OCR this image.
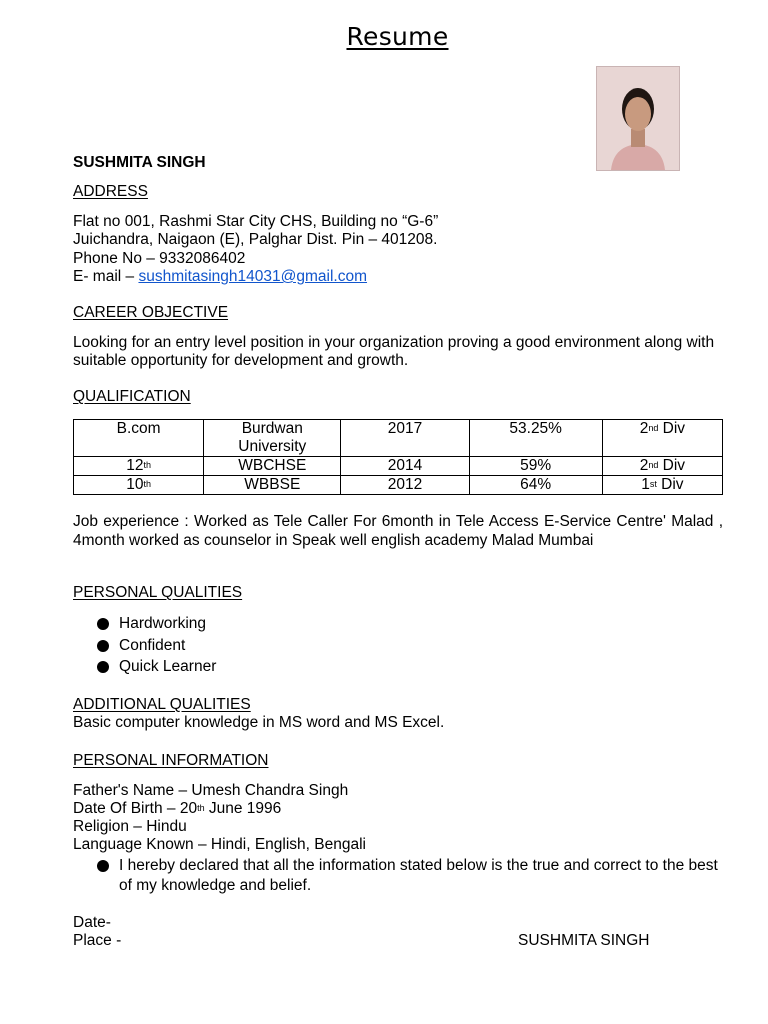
Resume
SUSHMITA SINGH
ADDRESS
Flat no 001, Rashmi Star City CHS, Building no “G-6”
Juichandra, Naigaon (E), Palghar Dist. Pin – 401208.
Phone No – 9332086402
E- mail – sushmitasingh14031@gmail.com
CAREER OBJECTIVE
Looking for an entry level position in your organization proving a good environment along with
suitable opportunity for development and growth.
QUALIFICATION
B.com	Burdwan University	2017	53.25%	2nd Div
12th	WBCHSE	2014	59%	2nd Div
10th	WBBSE	2012	64%	1st Div
Job experience : Worked as Tele Caller For 6month in Tele Access E-Service Centre' Malad , 4month worked as counselor in Speak well english academy Malad Mumbai
PERSONAL QUALITIES
Hardworking
Confident
Quick Learner
ADDITIONAL QUALITIES
Basic computer knowledge in MS word and MS Excel.
PERSONAL INFORMATION
Father's Name – Umesh Chandra Singh
Date Of Birth – 20th June 1996
Religion – Hindu
Language Known – Hindi, English, Bengali
I hereby declared that all the information stated below is the true and correct to the best of my knowledge and belief.
Date-
Place -	SUSHMITA SINGH
